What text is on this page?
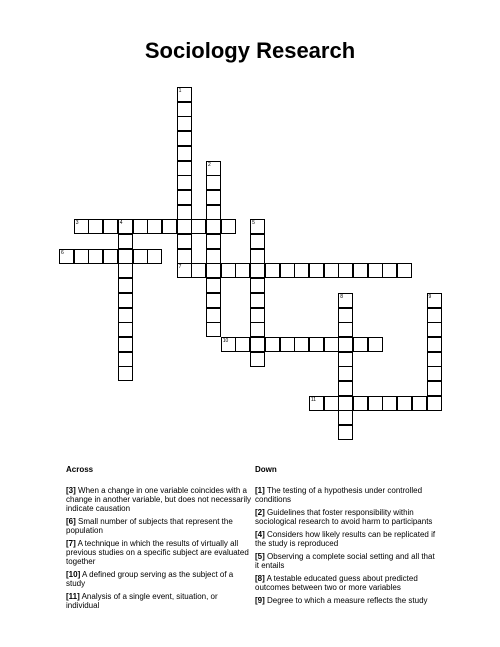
Sociology Research
1
2
3	4	5
6
7
8	9
10
11
Across
[3] When a change in one variable coincides with a change in another variable, but does not necessarily indicate causation
[6] Small number of subjects that represent the population
[7] A technique in which the results of virtually all previous studies on a specific subject are evaluated together
[10] A defined group serving as the subject of a study
[11] Analysis of a single event, situation, or individual
Down
[1] The testing of a hypothesis under controlled conditions
[2] Guidelines that foster responsibility within sociological research to avoid harm to participants
[4] Considers how likely results can be replicated if the study is reproduced
[5] Observing a complete social setting and all that it entails
[8] A testable educated guess about predicted outcomes between two or more variables
[9] Degree to which a measure reflects the study
